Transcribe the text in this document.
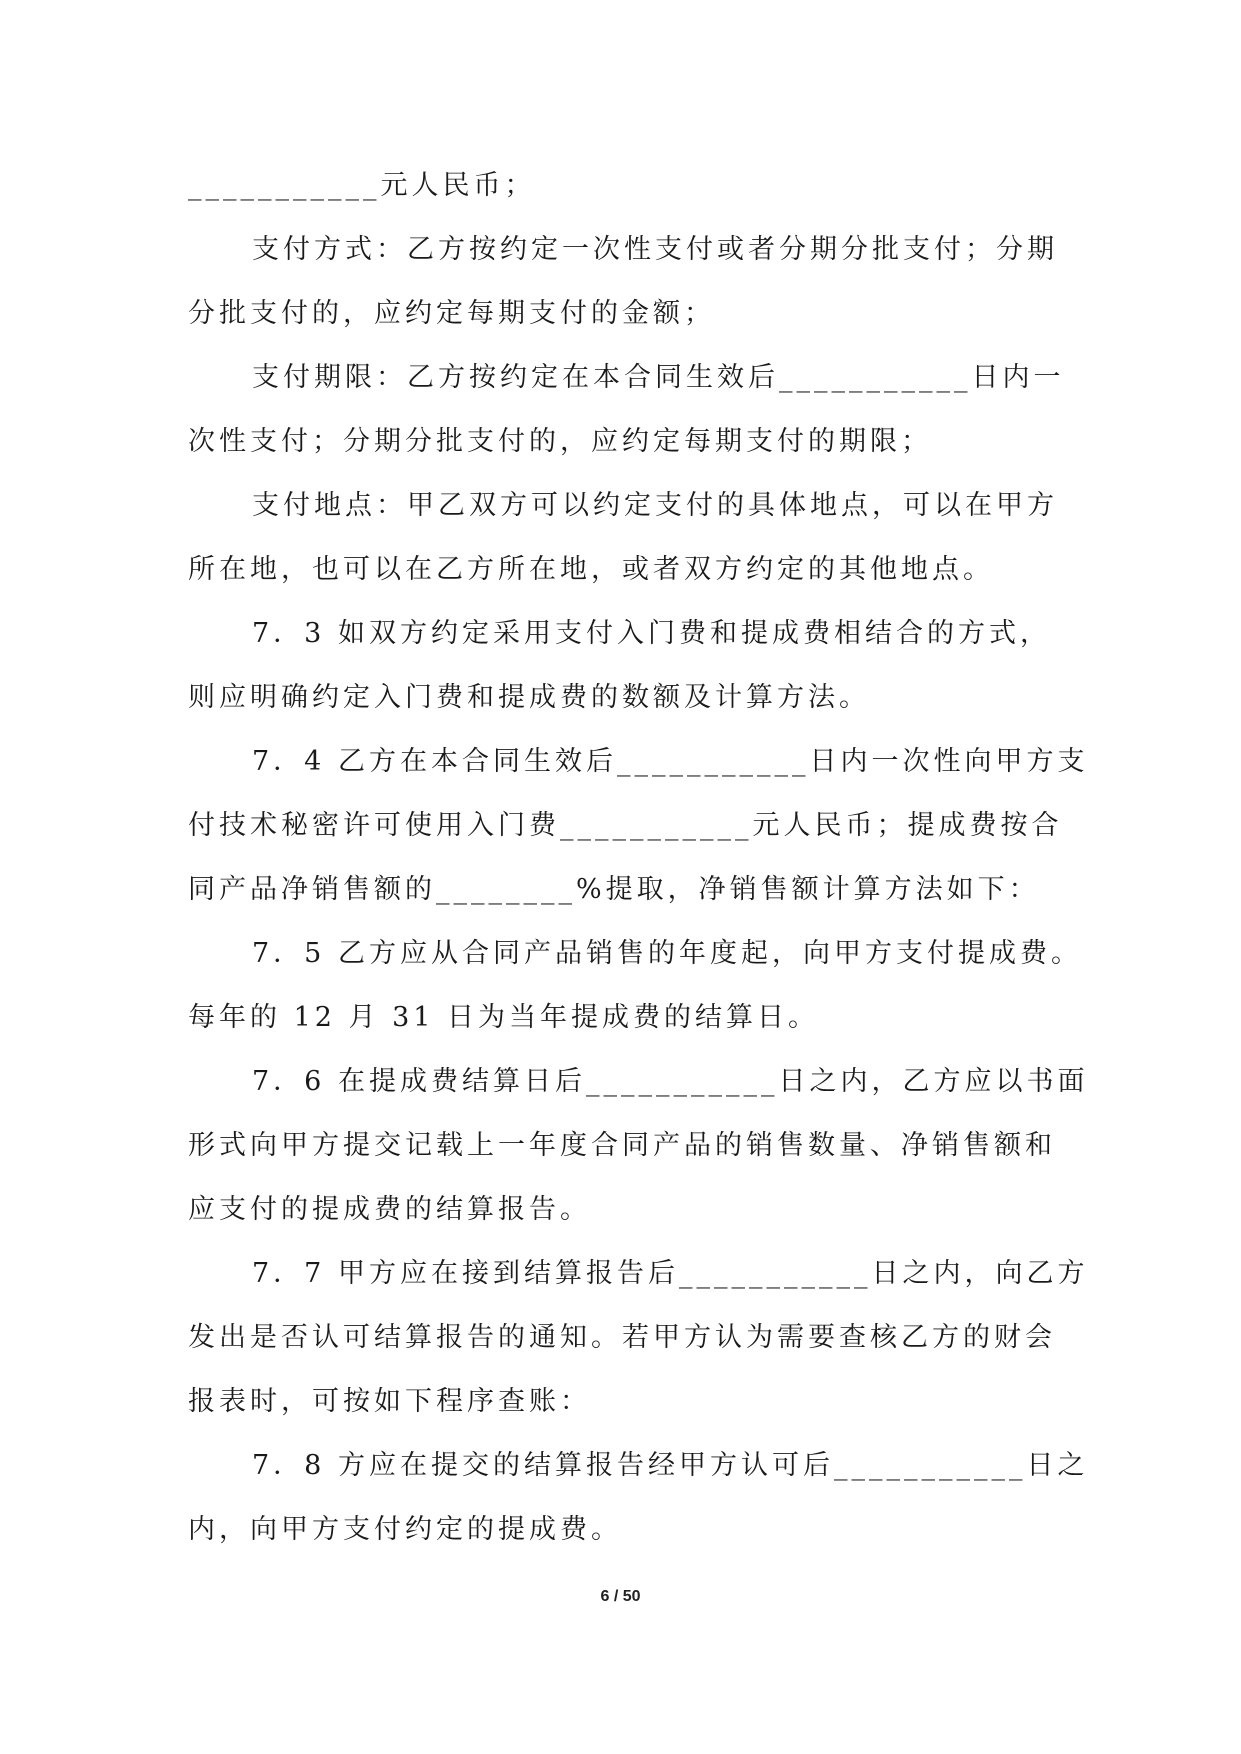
___________元人民币；
支付方式：乙方按约定一次性支付或者分期分批支付；分期
分批支付的，应约定每期支付的金额；
支付期限：乙方按约定在本合同生效后___________日内一
次性支付；分期分批支付的，应约定每期支付的期限；
支付地点：甲乙双方可以约定支付的具体地点，可以在甲方
所在地，也可以在乙方所在地，或者双方约定的其他地点。
7．3 如双方约定采用支付入门费和提成费相结合的方式，
则应明确约定入门费和提成费的数额及计算方法。
7．4 乙方在本合同生效后___________日内一次性向甲方支
付技术秘密许可使用入门费___________元人民币；提成费按合
同产品净销售额的________%提取，净销售额计算方法如下：
7．5 乙方应从合同产品销售的年度起，向甲方支付提成费。
每年的 12 月 31 日为当年提成费的结算日。
7．6 在提成费结算日后___________日之内，乙方应以书面
形式向甲方提交记载上一年度合同产品的销售数量、净销售额和
应支付的提成费的结算报告。
7．7 甲方应在接到结算报告后___________日之内，向乙方
发出是否认可结算报告的通知。若甲方认为需要查核乙方的财会
报表时，可按如下程序查账：
7．8 方应在提交的结算报告经甲方认可后___________日之
内，向甲方支付约定的提成费。
6 / 50
